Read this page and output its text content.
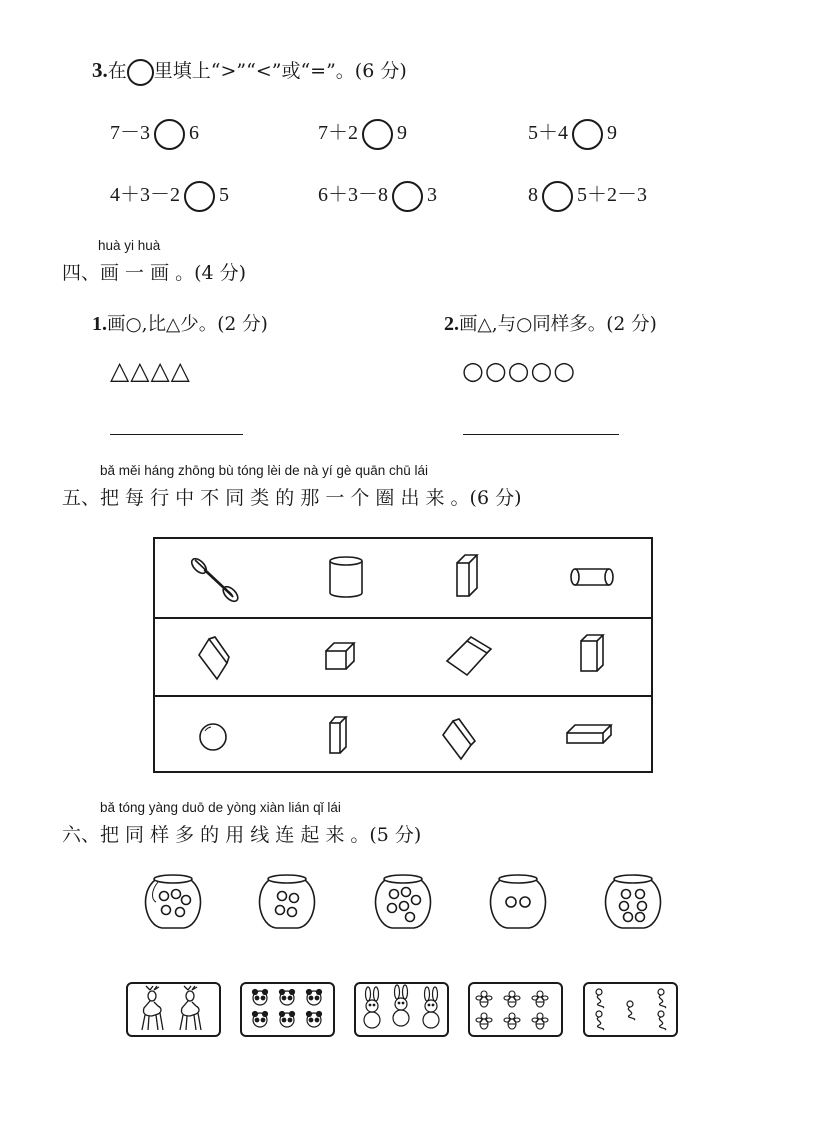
3.在 里填上“>”“<”或“=”。(6 分)
7－3 6	7＋2 9	5＋4 9
4＋3－2 5	6＋3－8 3	8 5＋2－3
huà yi huà
四、画 一 画 。(4 分)
1.画○,比△少。(2 分)	2.画△,与○同样多。(2 分)
△△△△	○○○○○
bǎ měi háng zhōng bù tóng lèi de nà yí gè quān chū lái
五、把 每 行 中 不 同 类 的 那 一 个 圈 出 来 。(6 分)
bǎ tóng yàng duō de yòng xiàn lián qǐ lái
六、把 同 样 多 的 用 线 连 起 来 。(5 分)
